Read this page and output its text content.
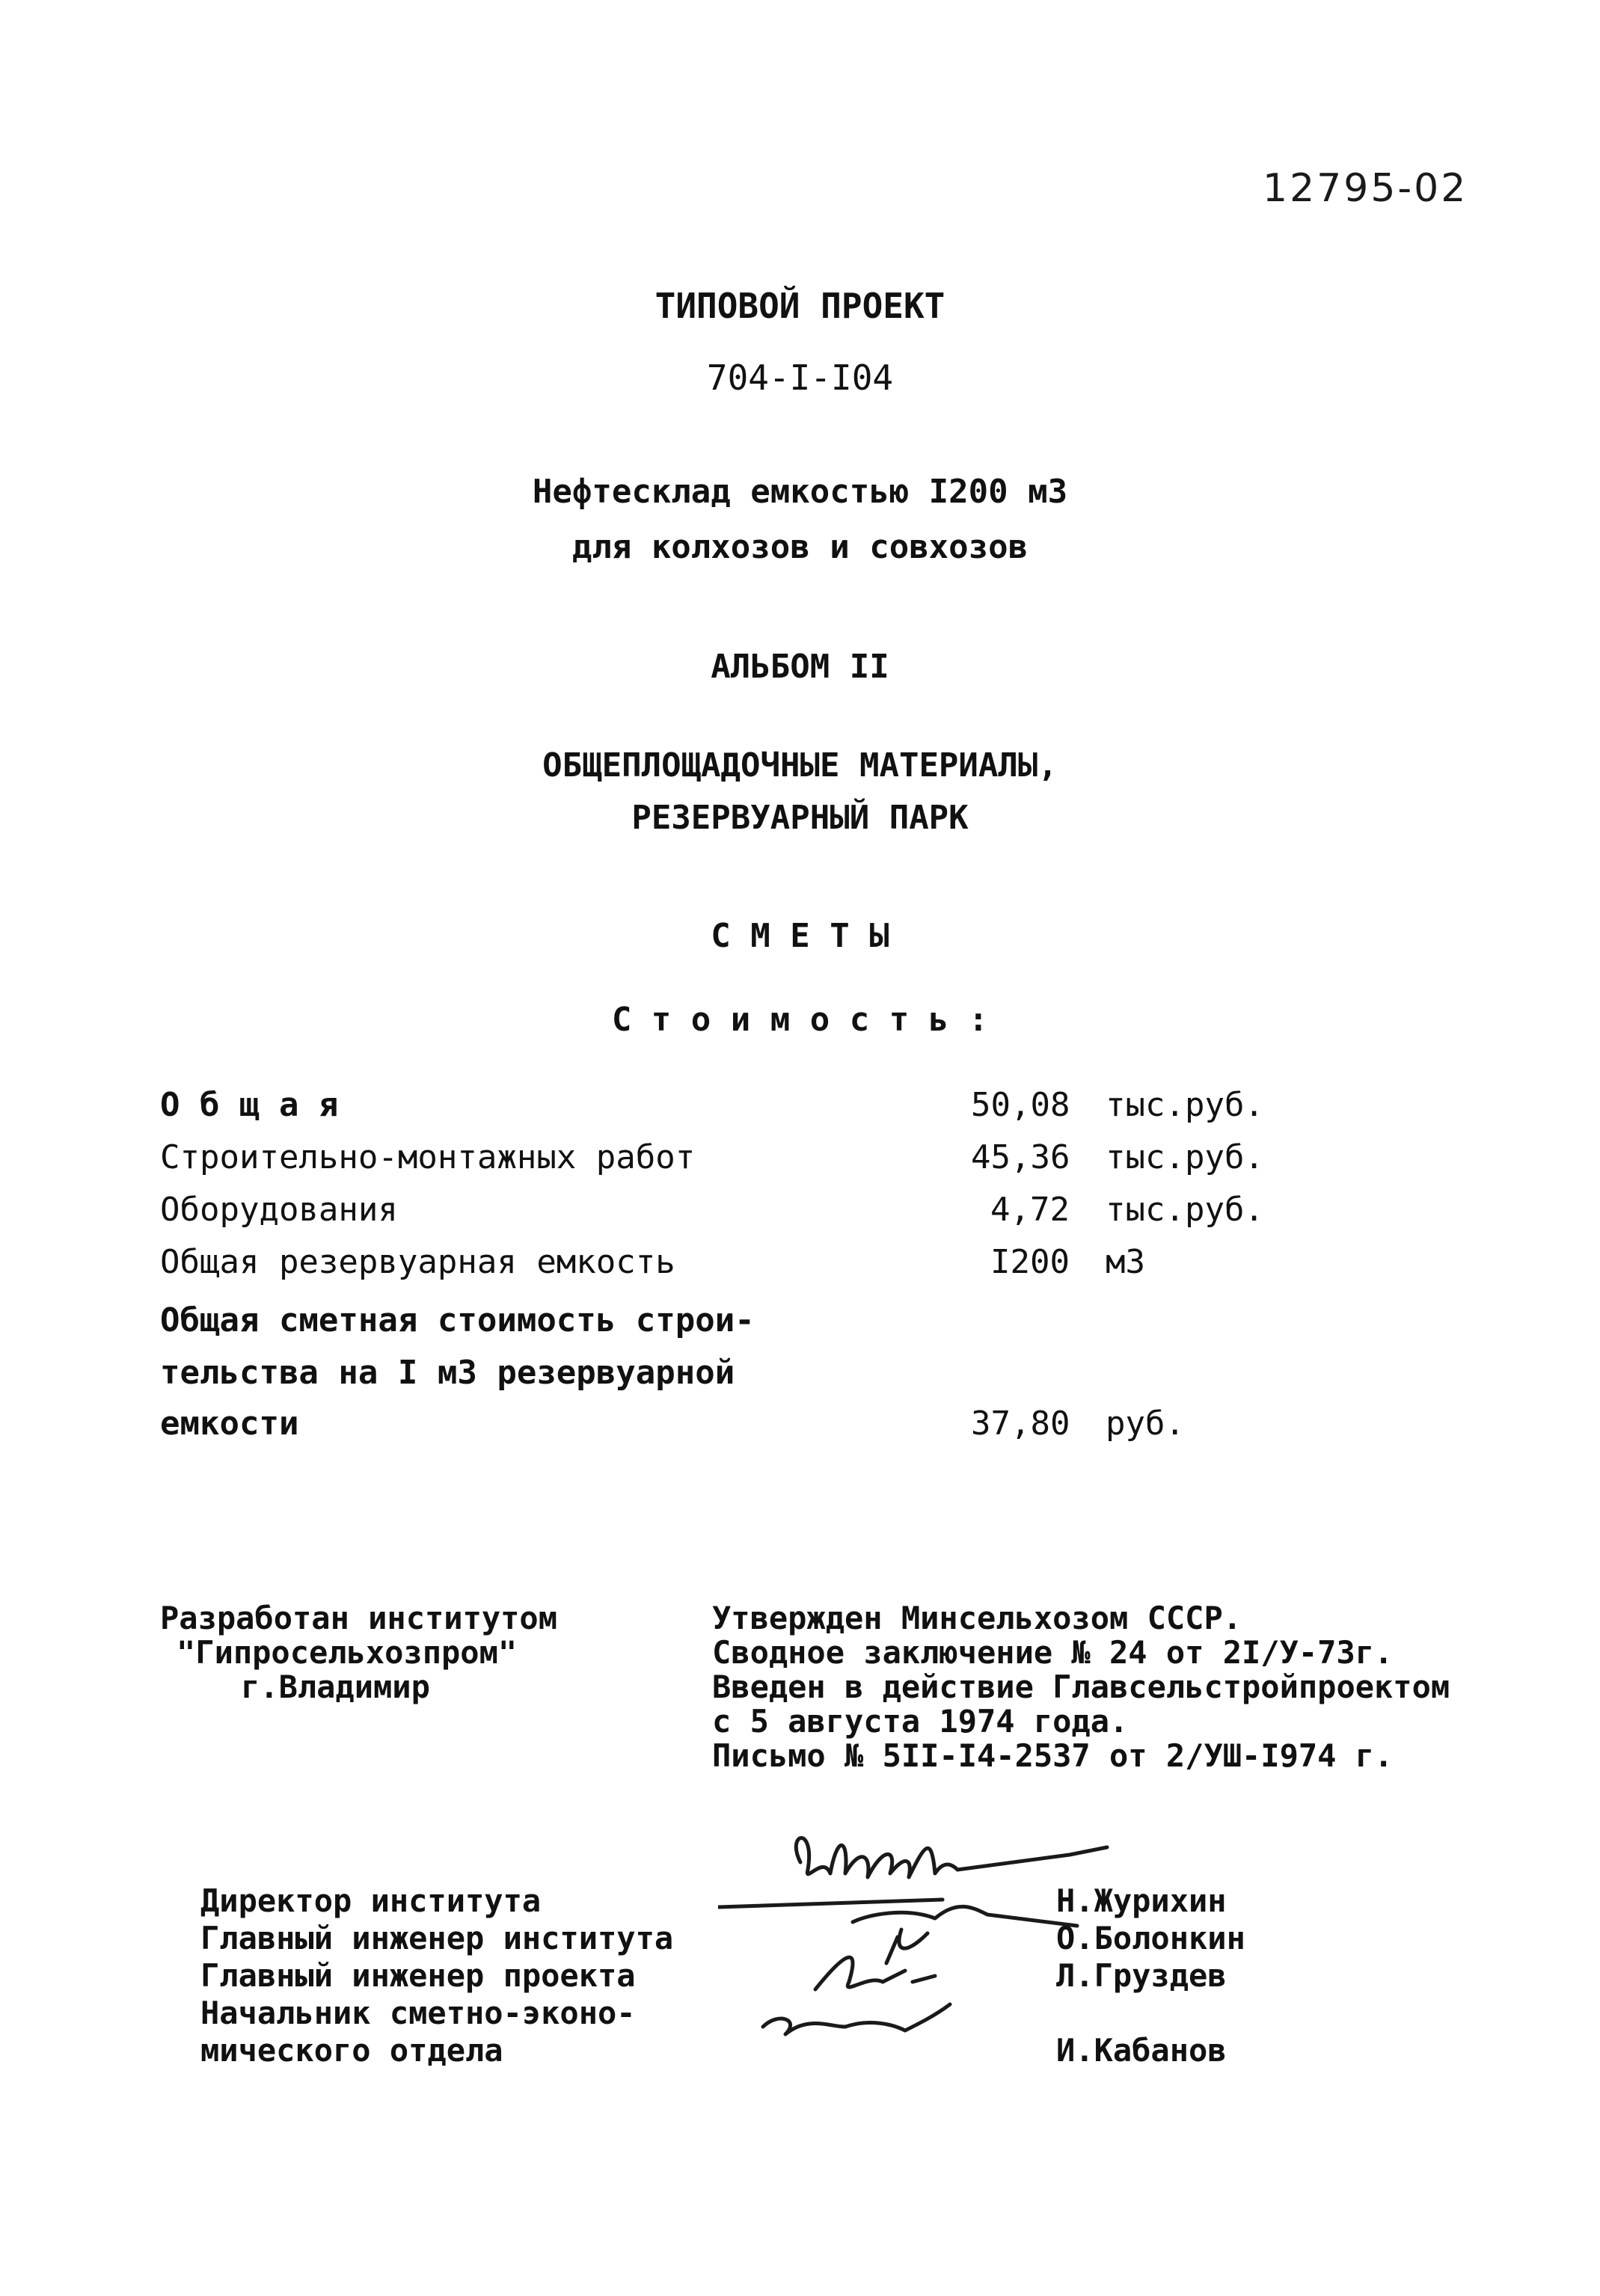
12795-02
ТИПОВОЙ ПРОЕКТ
704-I-I04
Нефтесклад емкостью I200 м3
для колхозов и совхозов
АЛЬБОМ II
ОБЩЕПЛОЩАДОЧНЫЕ МАТЕРИАЛЫ,
РЕЗЕРВУАРНЫЙ ПАРК
С М Е Т Ы
С т о и м о с т ь :
О б щ а я	50,08 тыс.руб.
Строительно-монтажных работ	45,36 тыс.руб.
Оборудования	4,72 тыс.руб.
Общая резервуарная емкость	I200 м3
Общая сметная стоимость строи-
тельства на I м3 резервуарной
емкости	37,80 руб.
Разработан институтом
"Гипросельхозпром"
г.Владимир
Утвержден Минсельхозом СССР.
Сводное заключение № 24 от 2I/У-73г.
Введен в действие Главсельстройпроектом
с 5 августа 1974 года.
Письмо № 5II-I4-2537 от 2/УШ-I974 г.
Директор института	Н.Журихин
Главный инженер института	О.Болонкин
Главный инженер проекта	Л.Груздев
Начальник сметно-эконо-
мического отдела	И.Кабанов
